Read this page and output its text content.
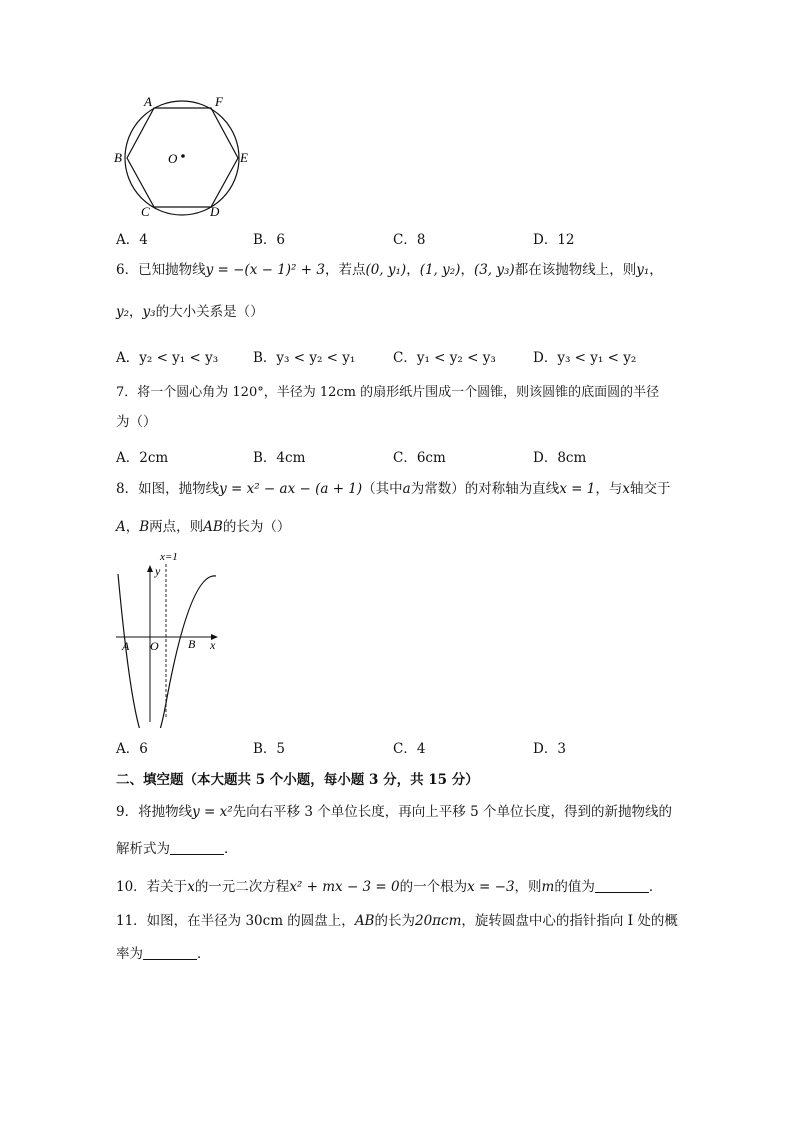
A	F
B	E
C	D
O
A．4	B．6	C．8	D．12
6．已知抛物线y = −(x − 1)² + 3，若点(0, y₁)，(1, y₂)，(3, y₃)都在该抛物线上，则y₁，
y₂，y₃的大小关系是（）
A．y₂ < y₁ < y₃	B．y₃ < y₂ < y₁	C．y₁ < y₂ < y₃	D．y₃ < y₁ < y₂
7．将一个圆心角为 120°，半径为 12cm 的扇形纸片围成一个圆锥，则该圆锥的底面圆的半径
为（）
A．2cm	B．4cm	C．6cm	D．8cm
8．如图，抛物线y = x² − ax − (a + 1)（其中a为常数）的对称轴为直线x = 1，与x轴交于
A，B两点，则AB的长为（）
x=1
y
x
A O B
A．6	B．5	C．4	D．3
二、填空题（本大题共 5 个小题，每小题 3 分，共 15 分）
9．将抛物线y = x²先向右平移 3 个单位长度，再向上平移 5 个单位长度，得到的新抛物线的
解析式为	．
10．若关于x的一元二次方程x² + mx − 3 = 0的一个根为x = −3，则m的值为	．
11．如图，在半径为 30cm 的圆盘上，AB的长为20πcm，旋转圆盘中心的指针指向 I 处的概
率为	．
